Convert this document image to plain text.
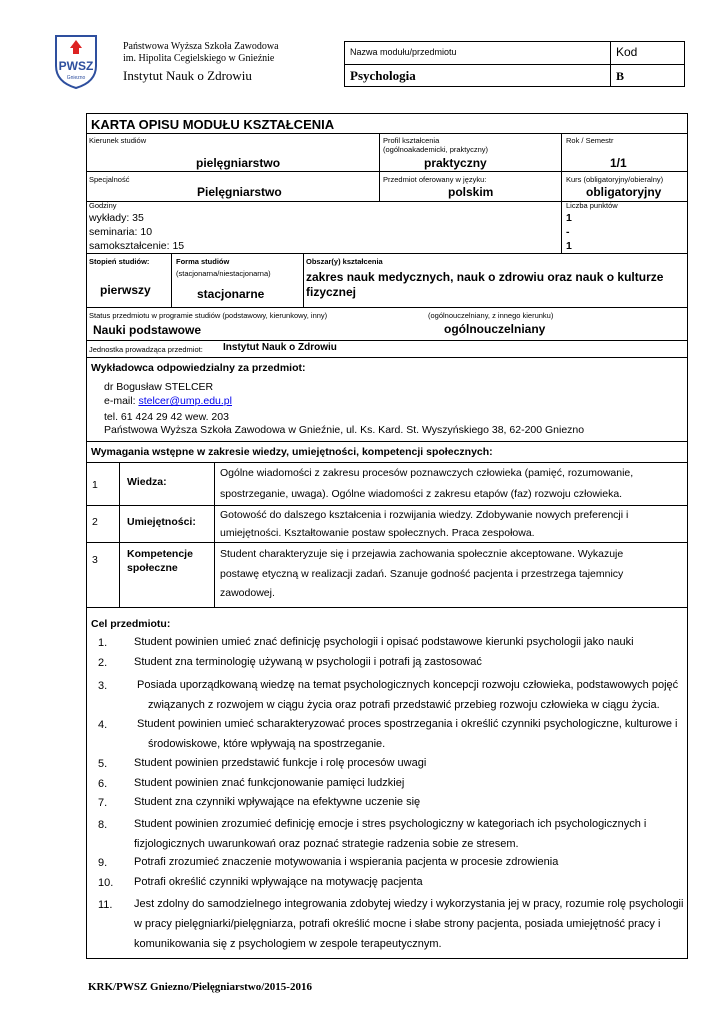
PWSZ
Gniezno
Państwowa Wyższa Szkoła Zawodowa
im. Hipolita Cegielskiego w Gnieźnie
Instytut Nauk o Zdrowiu
Nazwa modułu/przedmiotu	Kod
Psychologia	B
KARTA OPISU MODUŁU KSZTAŁCENIA
Kierunek studiów
pielęgniarstwo
Profil kształcenia
(ogólnoakademicki, praktyczny)
praktyczny
Rok / Semestr
1/1
Specjalność
Pielęgniarstwo
Przedmiot oferowany w języku:
polskim
Kurs (obligatoryjny/obieralny)
obligatoryjny
Godziny
wykłady: 35
seminaria: 10
samokształcenie: 15
Liczba punktów
1
-
1
Stopień studiów:
pierwszy
Forma studiów
(stacjonarna/niestacjonarna)
stacjonarne
Obszar(y) kształcenia
zakres nauk medycznych, nauk o zdrowiu oraz nauk o kulturze
fizycznej
Status przedmiotu w programie studiów (podstawowy, kierunkowy, inny)
Nauki podstawowe
(ogólnouczelniany, z innego kierunku)
ogólnouczelniany
Jednostka prowadząca przedmiot: Instytut Nauk o Zdrowiu
Wykładowca odpowiedzialny za przedmiot:
dr Bogusław STELCER
e-mail: stelcer@ump.edu.pl
tel. 61 424 29 42 wew. 203
Państwowa Wyższa Szkoła Zawodowa w Gnieźnie, ul. Ks. Kard. St. Wyszyńskiego 38, 62-200 Gniezno
Wymagania wstępne w zakresie wiedzy, umiejętności, kompetencji społecznych:
1	Wiedza:
Ogólne wiadomości z zakresu procesów poznawczych człowieka (pamięć, rozumowanie,
spostrzeganie, uwaga). Ogólne wiadomości z zakresu etapów (faz) rozwoju człowieka.
2	Umiejętności:
Gotowość do dalszego kształcenia i rozwijania wiedzy. Zdobywanie nowych preferencji i
umiejętności. Kształtowanie postaw społecznych. Praca zespołowa.
3	Kompetencje
społeczne
Student charakteryzuje się i przejawia zachowania społecznie akceptowane. Wykazuje
postawę etyczną w realizacji zadań. Szanuje godność pacjenta i przestrzega tajemnicy
zawodowej.
Cel przedmiotu:
1. Student powinien umieć znać definicję psychologii i opisać podstawowe kierunki psychologii jako nauki
2. Student zna terminologię używaną w psychologii i potrafi ją zastosować
3.	Posiada uporządkowaną wiedzę na temat psychologicznych koncepcji rozwoju człowieka, podstawowych pojęć
związanych z rozwojem w ciągu życia oraz potrafi przedstawić przebieg rozwoju człowieka w ciągu życia.
4.	Student powinien umieć scharakteryzować proces spostrzegania i określić czynniki psychologiczne, kulturowe i
środowiskowe, które wpływają na spostrzeganie.
5. Student powinien przedstawić funkcje i rolę procesów uwagi
6. Student powinien znać funkcjonowanie pamięci ludzkiej
7. Student zna czynniki wpływające na efektywne uczenie się
8. Student powinien zrozumieć definicję emocje i stres psychologiczny w kategoriach ich psychologicznych i
fizjologicznych uwarunkowań oraz poznać strategie radzenia sobie ze stresem.
9. Potrafi zrozumieć znaczenie motywowania i wspierania pacjenta w procesie zdrowienia
10. Potrafi określić czynniki wpływające na motywację pacjenta
11. Jest zdolny do samodzielnego integrowania zdobytej wiedzy i wykorzystania jej w pracy, rozumie rolę psychologii
w pracy pielęgniarki/pielęgniarza, potrafi określić mocne i słabe strony pacjenta, posiada umiejętność pracy i
komunikowania się z psychologiem w zespole terapeutycznym.
KRK/PWSZ Gniezno/Pielęgniarstwo/2015-2016
